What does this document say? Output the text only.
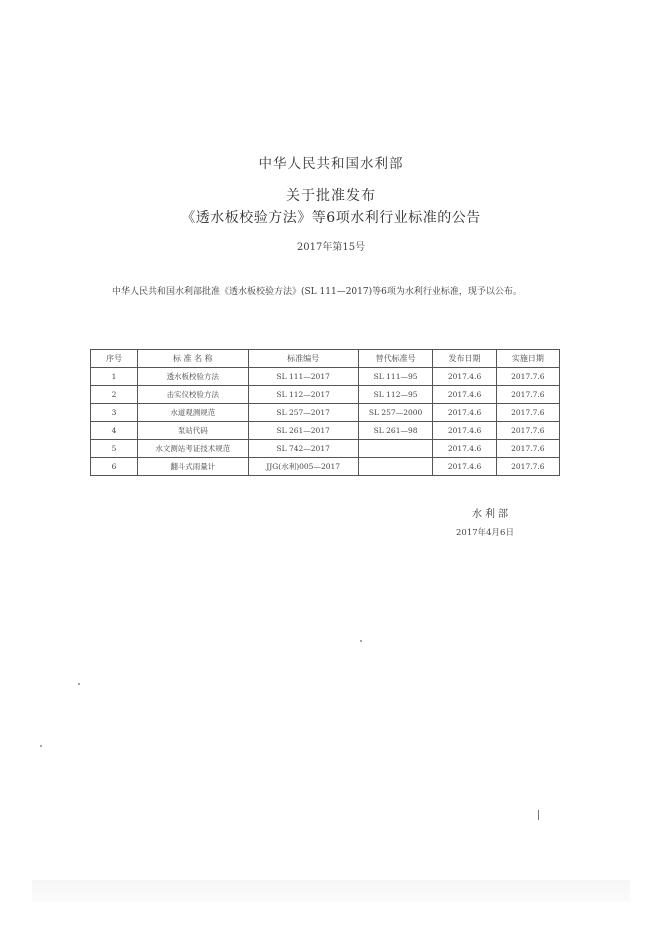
中华人民共和国水利部
关于批准发布
《透水板校验方法》等6项水利行业标准的公告
2017年第15号
中华人民共和国水利部批准《透水板校验方法》(SL 111—2017)等6项为水利行业标准，现予以公布。
序号	标 准 名 称	标准编号	替代标准号	发布日期	实施日期
1	透水板校验方法	SL 111—2017	SL 111—95	2017.4.6	2017.7.6
2	击实仪校验方法	SL 112—2017	SL 112—95	2017.4.6	2017.7.6
3	水道观测规范	SL 257—2017	SL 257—2000	2017.4.6	2017.7.6
4	泵站代码	SL 261—2017	SL 261—98	2017.4.6	2017.7.6
5	水文测站考证技术规范	SL 742—2017		2017.4.6	2017.7.6
6	翻斗式雨量计	JJG(水利)005—2017		2017.4.6	2017.7.6
水利部
2017年4月6日
